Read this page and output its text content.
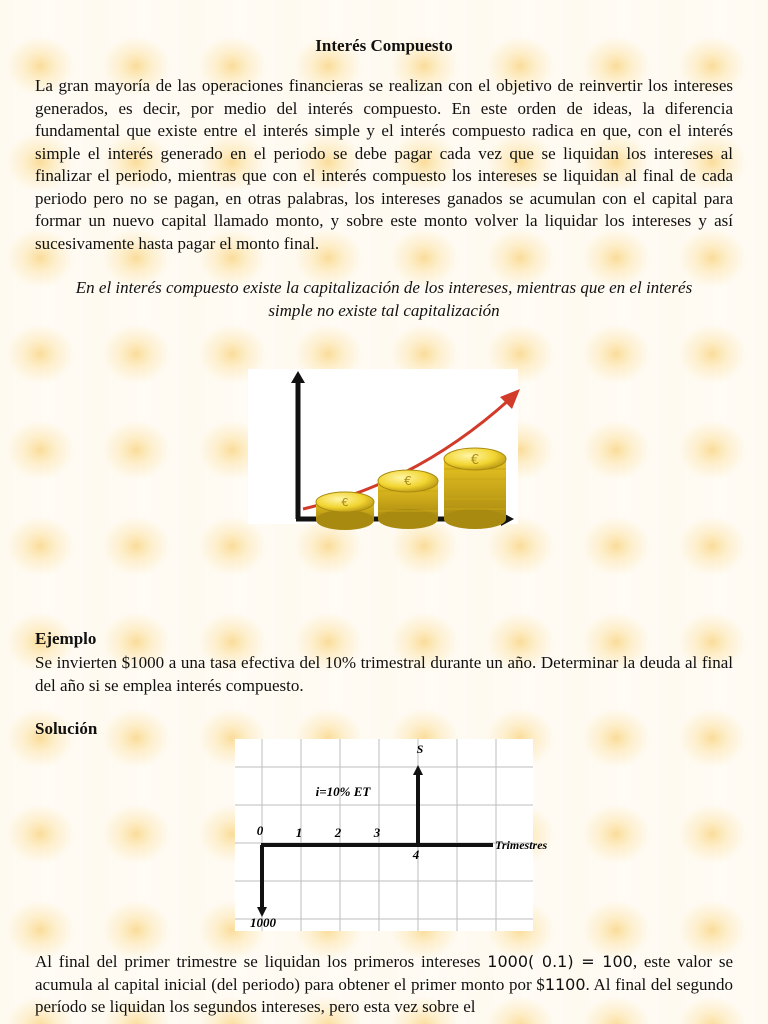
Interés Compuesto

La gran mayoría de las operaciones financieras se realizan con el objetivo de reinvertir los intereses generados, es decir, por medio del interés compuesto. En este orden de ideas, la diferencia fundamental que existe entre el interés simple y el interés compuesto radica en que, con el interés simple el interés generado en el periodo se debe pagar cada vez que se liquidan los intereses al finalizar el periodo, mientras que con el interés compuesto los intereses se liquidan al final de cada periodo pero no se pagan, en otras palabras, los intereses ganados se acumulan con el capital para formar un nuevo capital llamado monto, y sobre este monto volver la liquidar los intereses y así sucesivamente hasta pagar el monto final.

En el interés compuesto existe la capitalización de los intereses, mientras que en el interés simple no existe tal capitalización

€
€
€
Ejemplo

Se invierten $1000 a una tasa efectiva del 10% trimestral durante un año. Determinar la deuda al final del año si se emplea interés compuesto.

Solución
S
i=10% ET
0	1	2	3
4
Trimestres
1000

Al final del primer trimestre se liquidan los primeros intereses 1000( 0.1) = 100, este valor se acumula al capital inicial (del periodo) para obtener el primer monto por $1100. Al final del segundo período se liquidan los segundos intereses, pero esta vez sobre el
